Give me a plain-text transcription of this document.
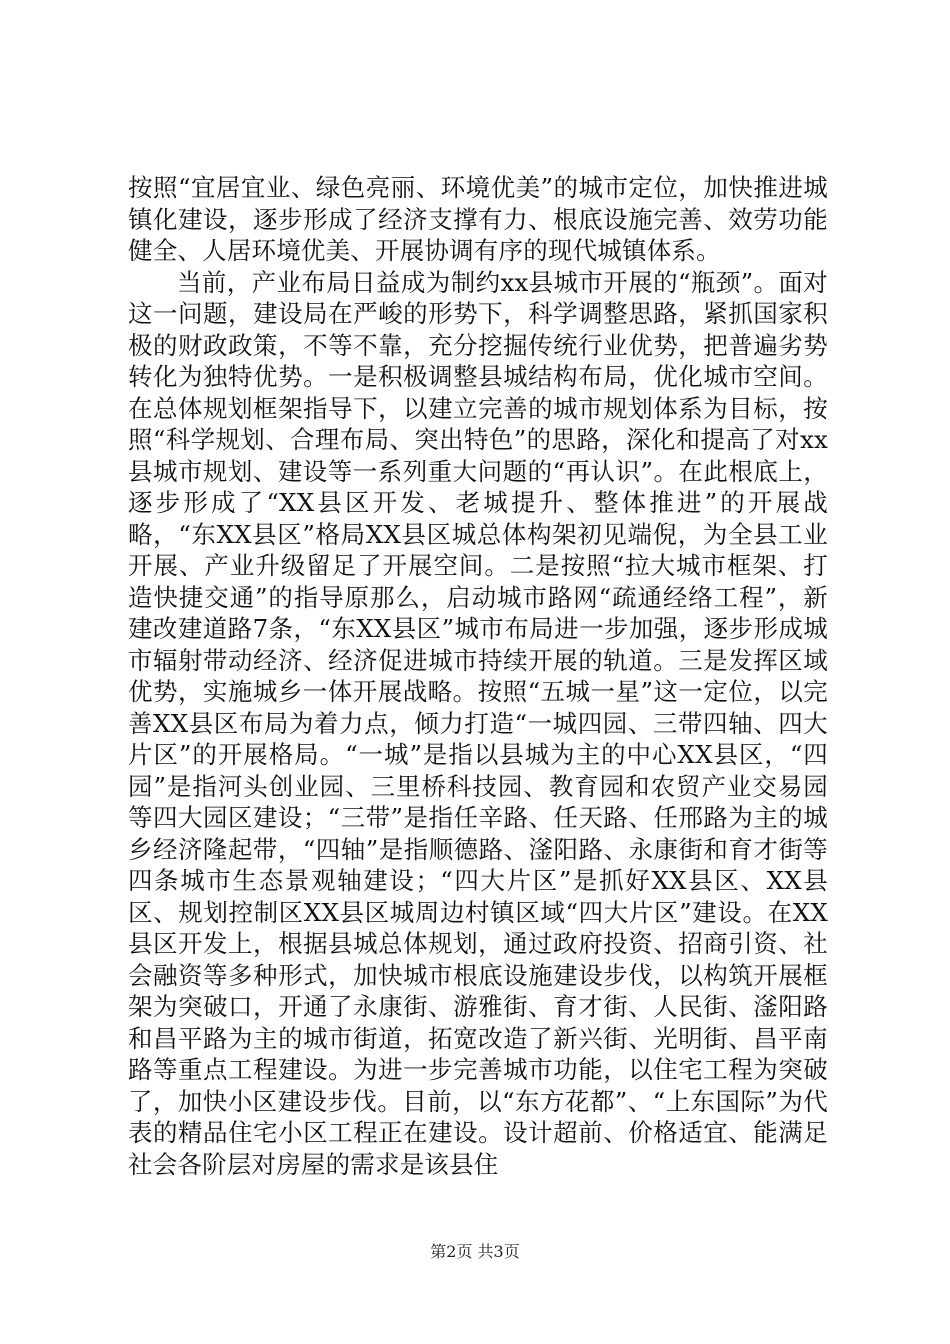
按照“宜居宜业、绿色亮丽、环境优美”的城市定位，加快推进城镇化建设，逐步形成了经济支撑有力、根底设施完善、效劳功能健全、人居环境优美、开展协调有序的现代城镇体系。

当前，产业布局日益成为制约xx县城市开展的“瓶颈”。面对这一问题，建设局在严峻的形势下，科学调整思路，紧抓国家积极的财政政策，不等不靠，充分挖掘传统行业优势，把普遍劣势转化为独特优势。一是积极调整县城结构布局，优化城市空间。在总体规划框架指导下，以建立完善的城市规划体系为目标，按照“科学规划、合理布局、突出特色”的思路，深化和提高了对xx县城市规划、建设等一系列重大问题的“再认识”。在此根底上，逐步形成了“XX县区开发、老城提升、整体推进”的开展战略，“东XX县区”格局XX县区城总体构架初见端倪，为全县工业开展、产业升级留足了开展空间。二是按照“拉大城市框架、打造快捷交通”的指导原那么，启动城市路网“疏通经络工程”，新建改建道路7条，“东XX县区”城市布局进一步加强，逐步形成城市辐射带动经济、经济促进城市持续开展的轨道。三是发挥区域优势，实施城乡一体开展战略。按照“五城一星”这一定位，以完善XX县区布局为着力点，倾力打造“一城四园、三带四轴、四大片区”的开展格局。“一城”是指以县城为主的中心XX县区，“四园”是指河头创业园、三里桥科技园、教育园和农贸产业交易园等四大园区建设；“三带”是指任辛路、任天路、任邢路为主的城乡经济隆起带，“四轴”是指顺德路、滏阳路、永康街和育才街等四条城市生态景观轴建设；“四大片区”是抓好XX县区、XX县区、规划控制区XX县区城周边村镇区域“四大片区”建设。在XX县区开发上，根据县城总体规划，通过政府投资、招商引资、社会融资等多种形式，加快城市根底设施建设步伐，以构筑开展框架为突破口，开通了永康街、游雅街、育才街、人民街、滏阳路和昌平路为主的城市街道，拓宽改造了新兴街、光明街、昌平南路等重点工程建设。为进一步完善城市功能，以住宅工程为突破了，加快小区建设步伐。目前，以“东方花都”、“上东国际”为代表的精品住宅小区工程正在建设。设计超前、价格适宜、能满足社会各阶层对房屋的需求是该县住

第2页 共3页
